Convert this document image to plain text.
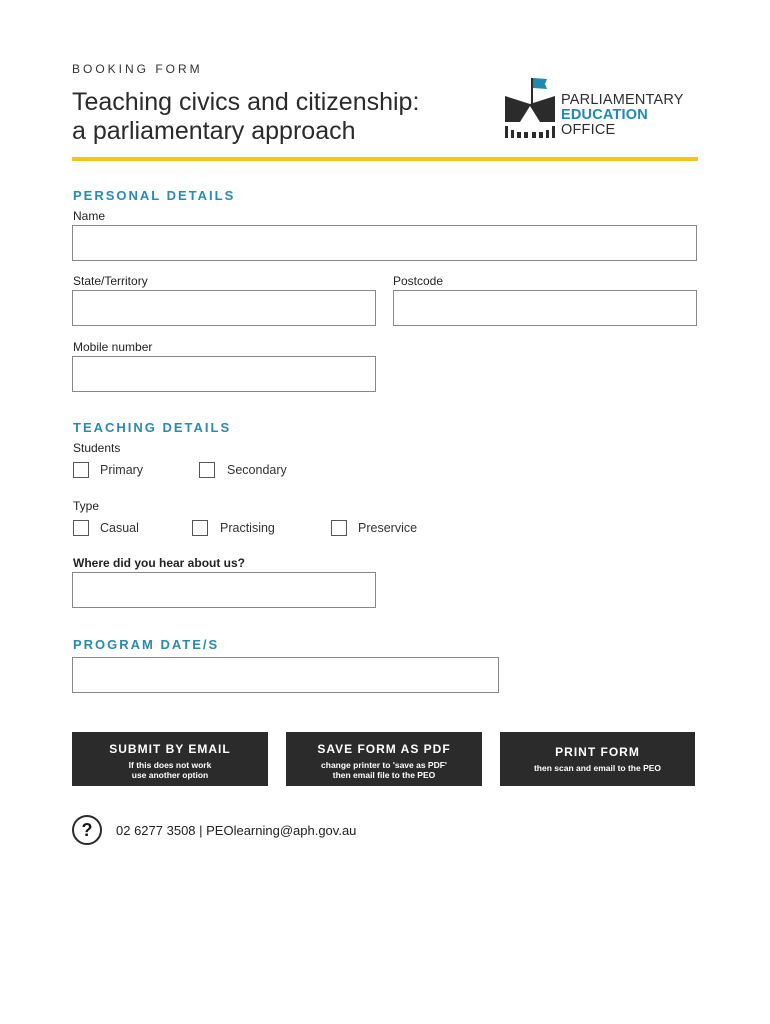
BOOKING FORM
Teaching civics and citizenship:
a parliamentary approach
PARLIAMENTARY
EDUCATION
OFFICE
PERSONAL DETAILS
Name
State/Territory	Postcode
Mobile number
TEACHING DETAILS
Students
Primary	Secondary
Type
Casual	Practising	Preservice
Where did you hear about us?
PROGRAM DATE/S
SUBMIT BY EMAIL
If this does not work
use another option
SAVE FORM AS PDF
change printer to 'save as PDF'
then email file to the PEO
PRINT FORM
then scan and email to the PEO
?	02 6277 3508 | PEOlearning@aph.gov.au
